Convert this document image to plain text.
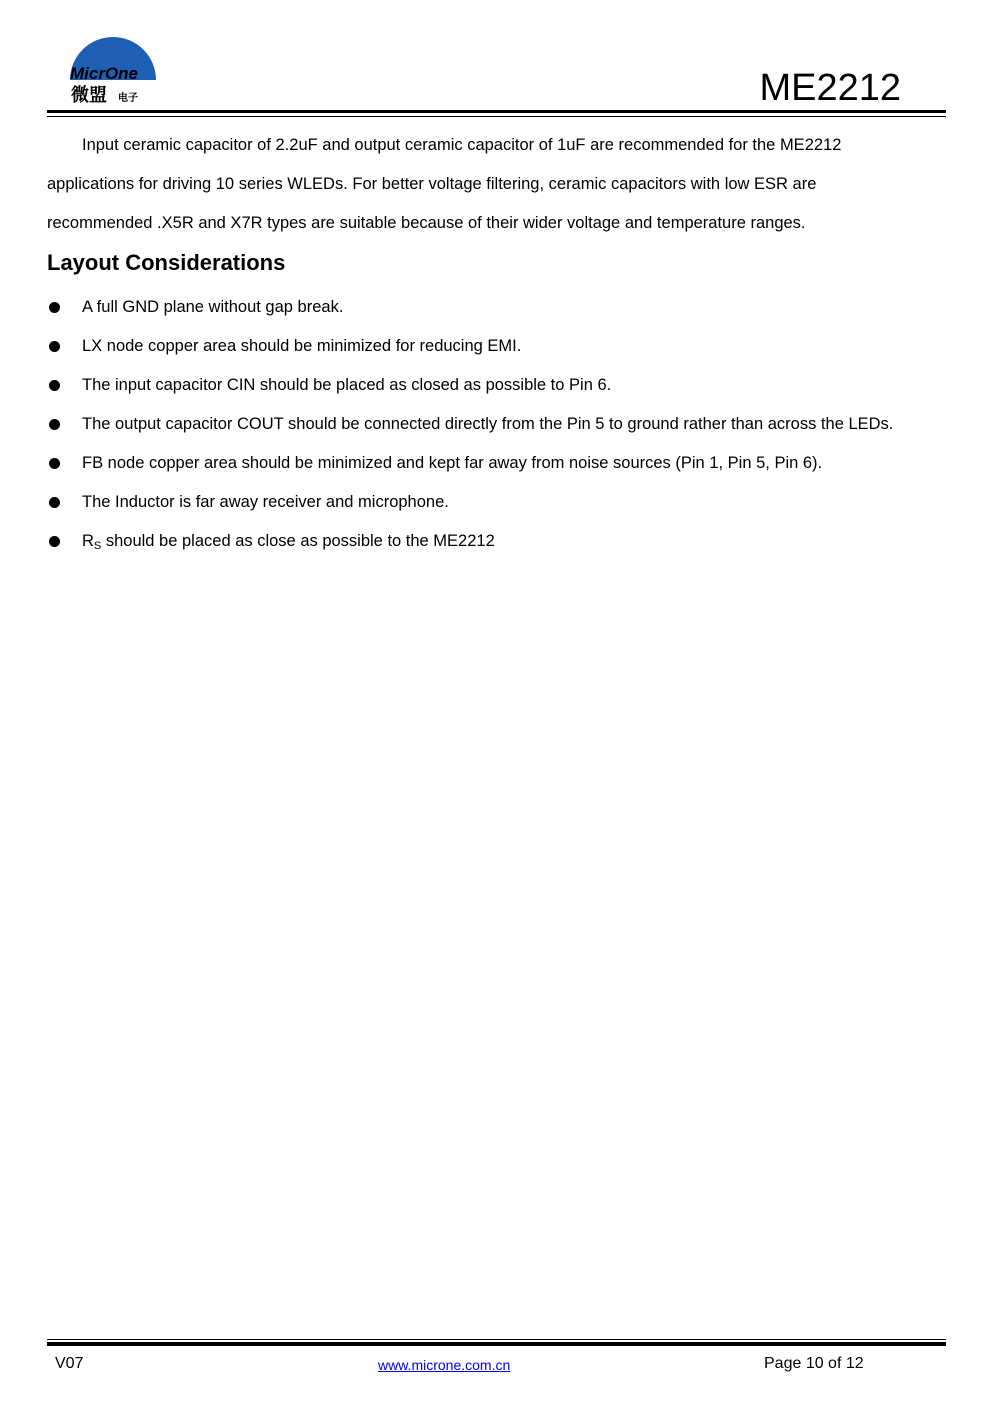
MicrOne
微盟 电子	ME2212

Input ceramic capacitor of 2.2uF and output ceramic capacitor of 1uF are recommended for the ME2212
applications for driving 10 series WLEDs. For better voltage filtering, ceramic capacitors with low ESR are
recommended .X5R and X7R types are suitable because of their wider voltage and temperature ranges.

Layout Considerations
A full GND plane without gap break.
LX node copper area should be minimized for reducing EMI.
The input capacitor CIN should be placed as closed as possible to Pin 6.
The output capacitor COUT should be connected directly from the Pin 5 to ground rather than across the LEDs.
FB node copper area should be minimized and kept far away from noise sources (Pin 1, Pin 5, Pin 6).
The Inductor is far away receiver and microphone.
$R_S$ should be placed as close as possible to the ME2212
V07	www.microne.com.cn	Page 10 of 12
